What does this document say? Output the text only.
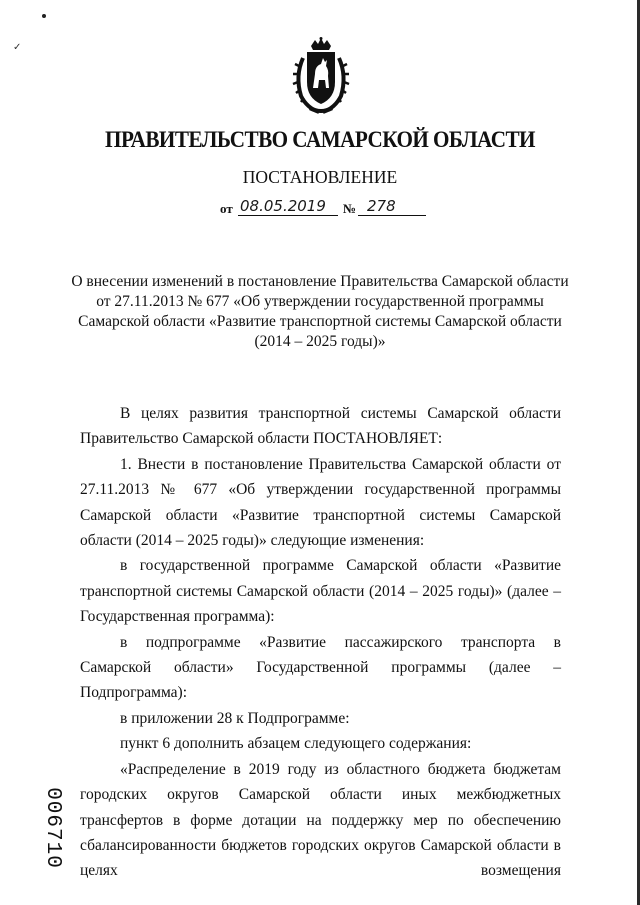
✓
ПРАВИТЕЛЬСТВО САМАРСКОЙ ОБЛАСТИ
ПОСТАНОВЛЕНИЕ
от 08.05.2019 № 278
О внесении изменений в постановление Правительства Самарской области
от 27.11.2013 № 677 «Об утверждении государственной программы
Самарской области «Развитие транспортной системы Самарской области
(2014 – 2025 годы)»

В целях развития транспортной системы Самарской области Правительство Самарской области ПОСТАНОВЛЯЕТ:

1. Внести в постановление Правительства Самарской области от 27.11.2013 № 677 «Об утверждении государственной программы Самарской области «Развитие транспортной системы Самарской области (2014 – 2025 годы)» следующие изменения:

в государственной программе Самарской области «Развитие транспортной системы Самарской области (2014 – 2025 годы)» (далее – Государственная программа):

в подпрограмме «Развитие пассажирского транспорта в Самарской области» Государственной программы (далее – Подпрограмма):

в приложении 28 к Подпрограмме:

пункт 6 дополнить абзацем следующего содержания:

«Распределение в 2019 году из областного бюджета бюджетам городских округов Самарской области иных межбюджетных трансфертов в форме дотации на поддержку мер по обеспечению сбалансированности бюджетов городских округов Самарской области в целях возмещения

006710
